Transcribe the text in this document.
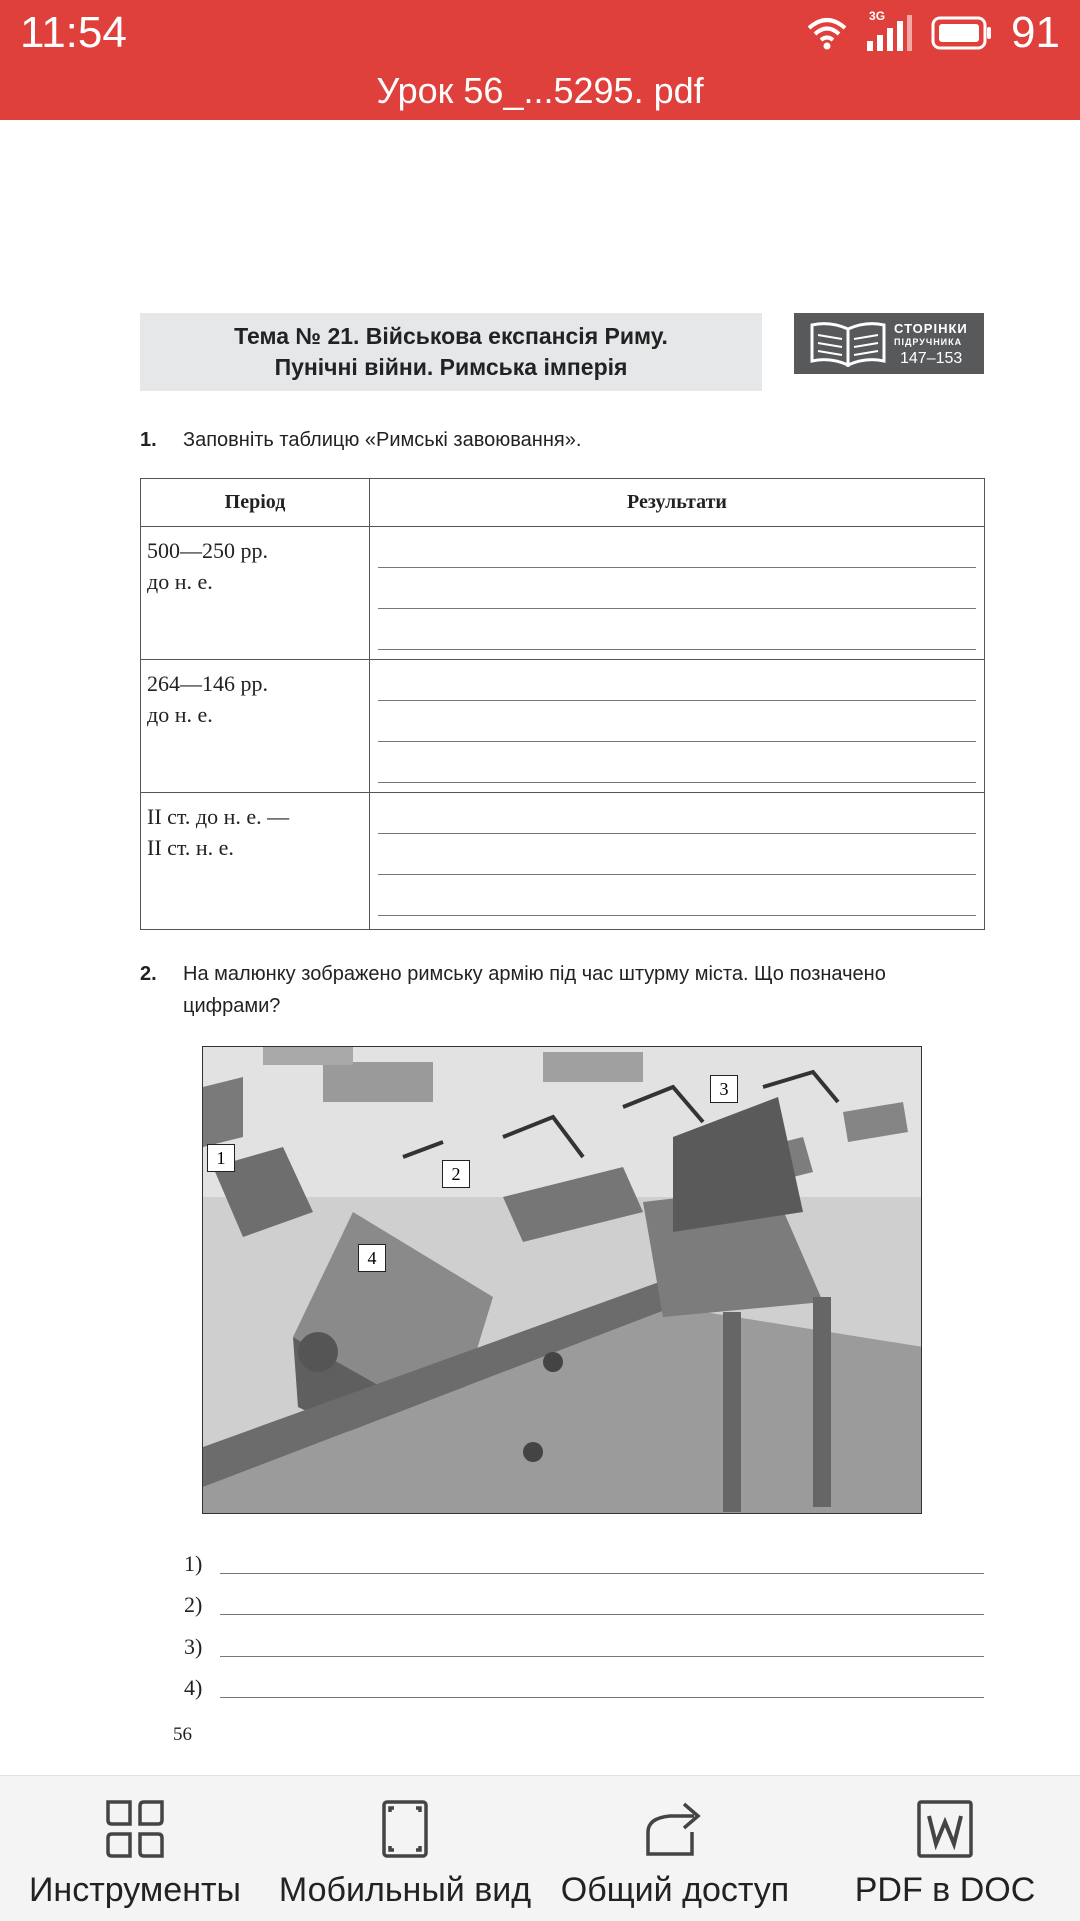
11:54	3G	91
Урок 56_...5295. pdf
Тема № 21. Військова експансія Риму.
Пунічні війни. Римська імперія
СТОРІНКИ
ПІДРУЧНИКА
147–153
1. Заповніть таблицю «Римські завоювання».
Період	Результати

500—250 рр.
до н. е.	

264—146 рр.
до н. е.	

II ст. до н. е. —
II ст. н. е.	

2. На малюнку зображено римську армію під час штурму міста. Що позначено цифрами?
1
2
3
4
1)
2)
3)
4)
56
Инструменты	Мобильный вид Общий доступ	PDF в DOC
